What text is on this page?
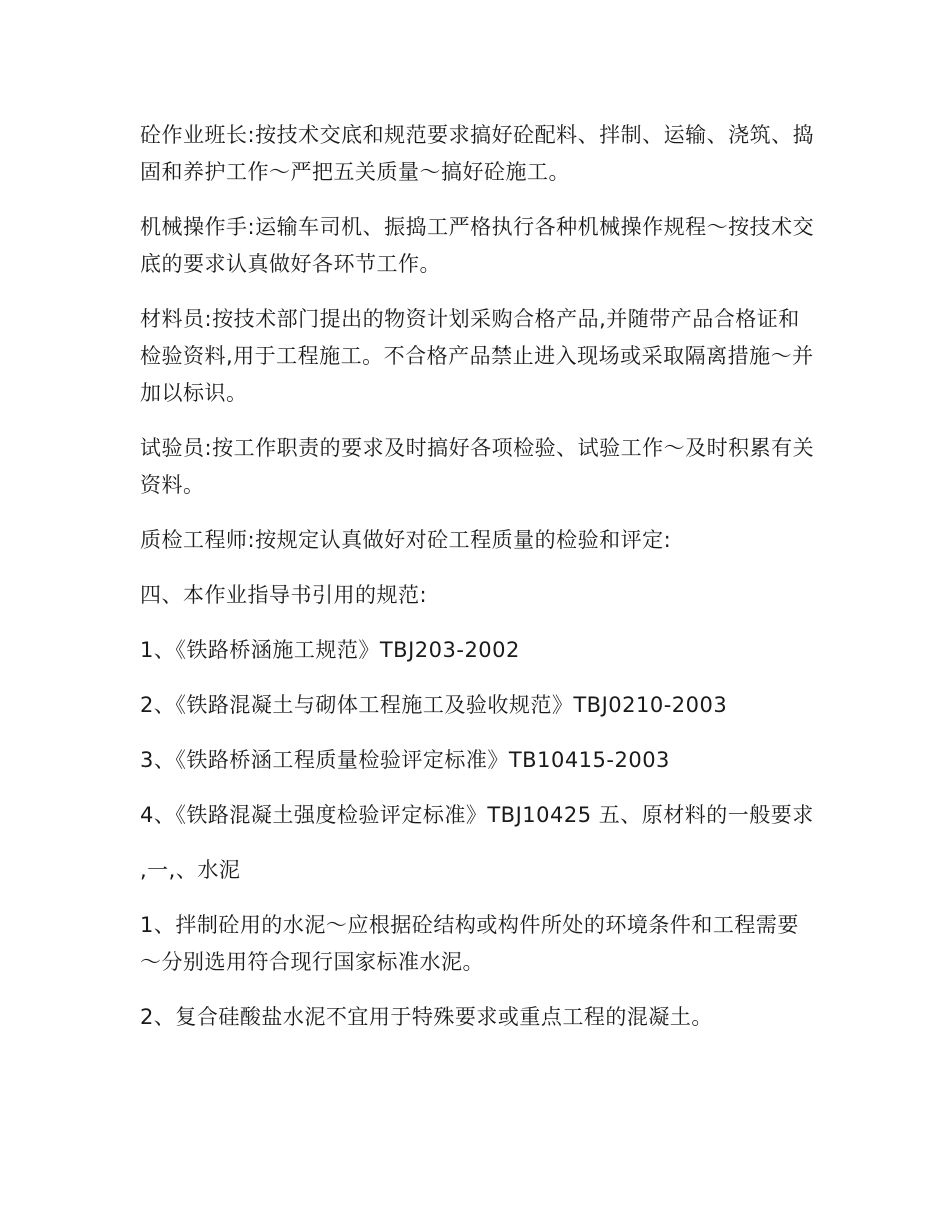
砼作业班长:按技术交底和规范要求搞好砼配料、拌制、运输、浇筑、捣固和养护工作～严把五关质量～搞好砼施工。

机械操作手:运输车司机、振捣工严格执行各种机械操作规程～按技术交底的要求认真做好各环节工作。

材料员:按技术部门提出的物资计划采购合格产品,并随带产品合格证和检验资料,用于工程施工。不合格产品禁止进入现场或采取隔离措施～并加以标识。

试验员:按工作职责的要求及时搞好各项检验、试验工作～及时积累有关资料。

质检工程师:按规定认真做好对砼工程质量的检验和评定:

四、本作业指导书引用的规范:

1、《铁路桥涵施工规范》TBJ203-2002

2、《铁路混凝土与砌体工程施工及验收规范》TBJ0210-2003

3、《铁路桥涵工程质量检验评定标准》TB10415-2003

4、《铁路混凝土强度检验评定标准》TBJ10425 五、原材料的一般要求

,一,、水泥

1、拌制砼用的水泥～应根据砼结构或构件所处的环境条件和工程需要～分别选用符合现行国家标准水泥。

2、复合硅酸盐水泥不宜用于特殊要求或重点工程的混凝土。
